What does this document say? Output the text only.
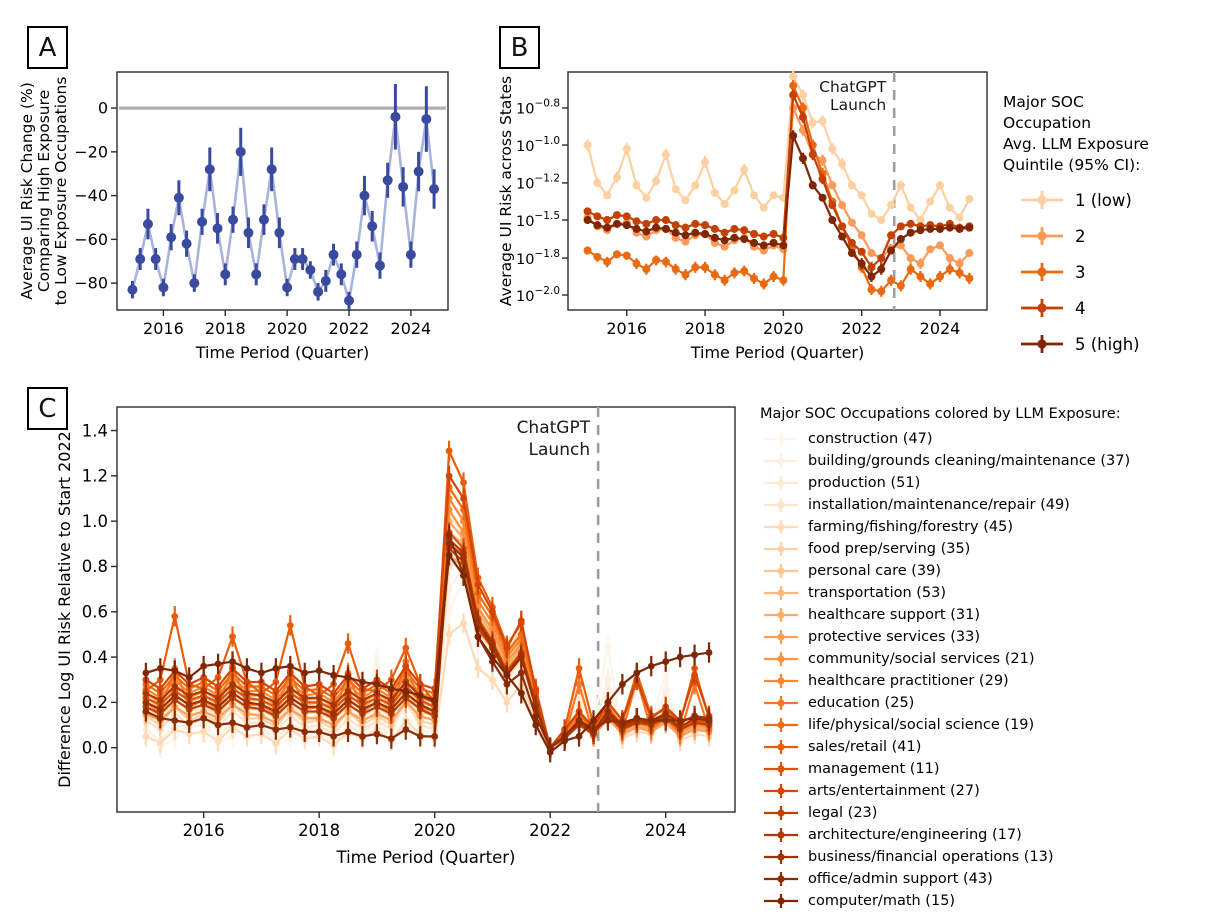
A	B
C
2016 2018 2020 2022 2024
Time Period (Quarter)
0
−20
−40
−60
−80
Average UI Risk Change (%) Comparing High Exposure to Low Exposure Occupations
2016 2018 2020 2022 2024
Time Period (Quarter)
$10^{-0.8}$
$10^{-1.0}$
$10^{-1.2}$
$10^{-1.5}$
$10^{-1.8}$
$10^{-2.0}$
Average UI Risk across States	ChatGPT
Launch
2016	2018	2020	2022	2024
Time Period (Quarter)
0.0
0.2
0.4
0.6
0.8
1.0
1.2
1.4
Difference Log UI Risk Relative to Start 2022
ChatGPT
Launch
Major SOC
Occupation
Avg. LLM Exposure
Quintile (95% CI):
1 (low)
2
3
4
5 (high)
Major SOC Occupations colored by LLM Exposure:
construction (47)
building/grounds cleaning/maintenance (37)
production (51)
installation/maintenance/repair (49)
farming/fishing/forestry (45)
food prep/serving (35)
personal care (39)
transportation (53)
healthcare support (31)
protective services (33)
community/social services (21)
healthcare practitioner (29)
education (25)
life/physical/social science (19)
sales/retail (41)
management (11)
arts/entertainment (27)
legal (23)
architecture/engineering (17)
business/financial operations (13)
office/admin support (43)
computer/math (15)
